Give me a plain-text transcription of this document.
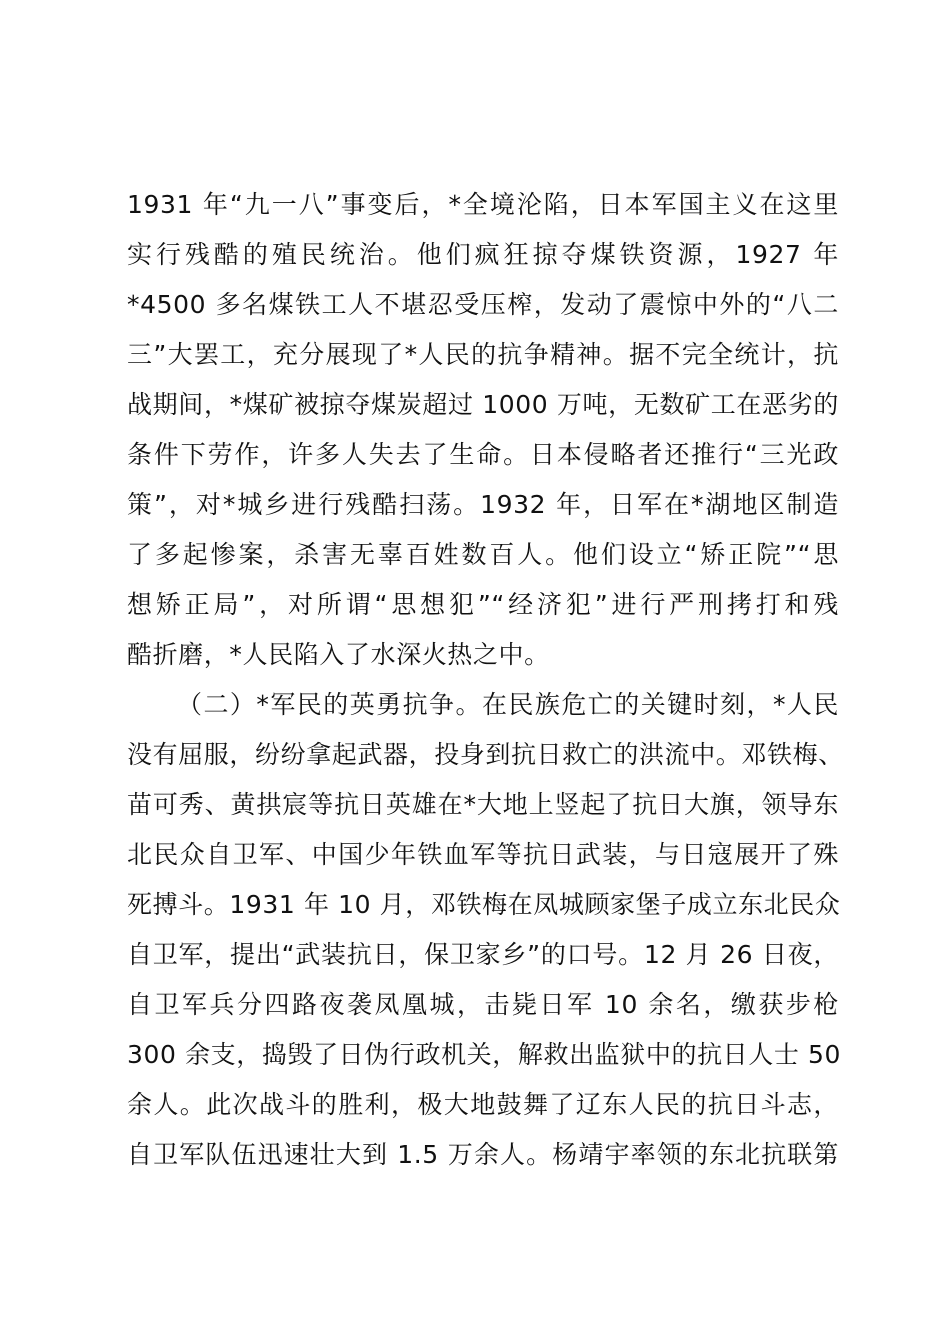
1931 年“九一八”事变后，*全境沦陷，日本军国主义在这里
实行残酷的殖民统治。他们疯狂掠夺煤铁资源，1927 年
*4500 多名煤铁工人不堪忍受压榨，发动了震惊中外的“八二
三”大罢工，充分展现了*人民的抗争精神。据不完全统计，抗
战期间，*煤矿被掠夺煤炭超过 1000 万吨，无数矿工在恶劣的
条件下劳作，许多人失去了生命。日本侵略者还推行“三光政
策”，对*城乡进行残酷扫荡。1932 年，日军在*湖地区制造
了多起惨案，杀害无辜百姓数百人。他们设立“矫正院”“思
想矫正局”，对所谓“思想犯”“经济犯”进行严刑拷打和残
酷折磨，*人民陷入了水深火热之中。
（二）*军民的英勇抗争。在民族危亡的关键时刻，*人民
没有屈服，纷纷拿起武器，投身到抗日救亡的洪流中。邓铁梅、
苗可秀、黄拱宸等抗日英雄在*大地上竖起了抗日大旗，领导东
北民众自卫军、中国少年铁血军等抗日武装，与日寇展开了殊
死搏斗。1931 年 10 月，邓铁梅在凤城顾家堡子成立东北民众
自卫军，提出“武装抗日，保卫家乡”的口号。12 月 26 日夜，
自卫军兵分四路夜袭凤凰城，击毙日军 10 余名，缴获步枪
300 余支，捣毁了日伪行政机关，解救出监狱中的抗日人士 50
余人。此次战斗的胜利，极大地鼓舞了辽东人民的抗日斗志，
自卫军队伍迅速壮大到 1.5 万余人。杨靖宇率领的东北抗联第
